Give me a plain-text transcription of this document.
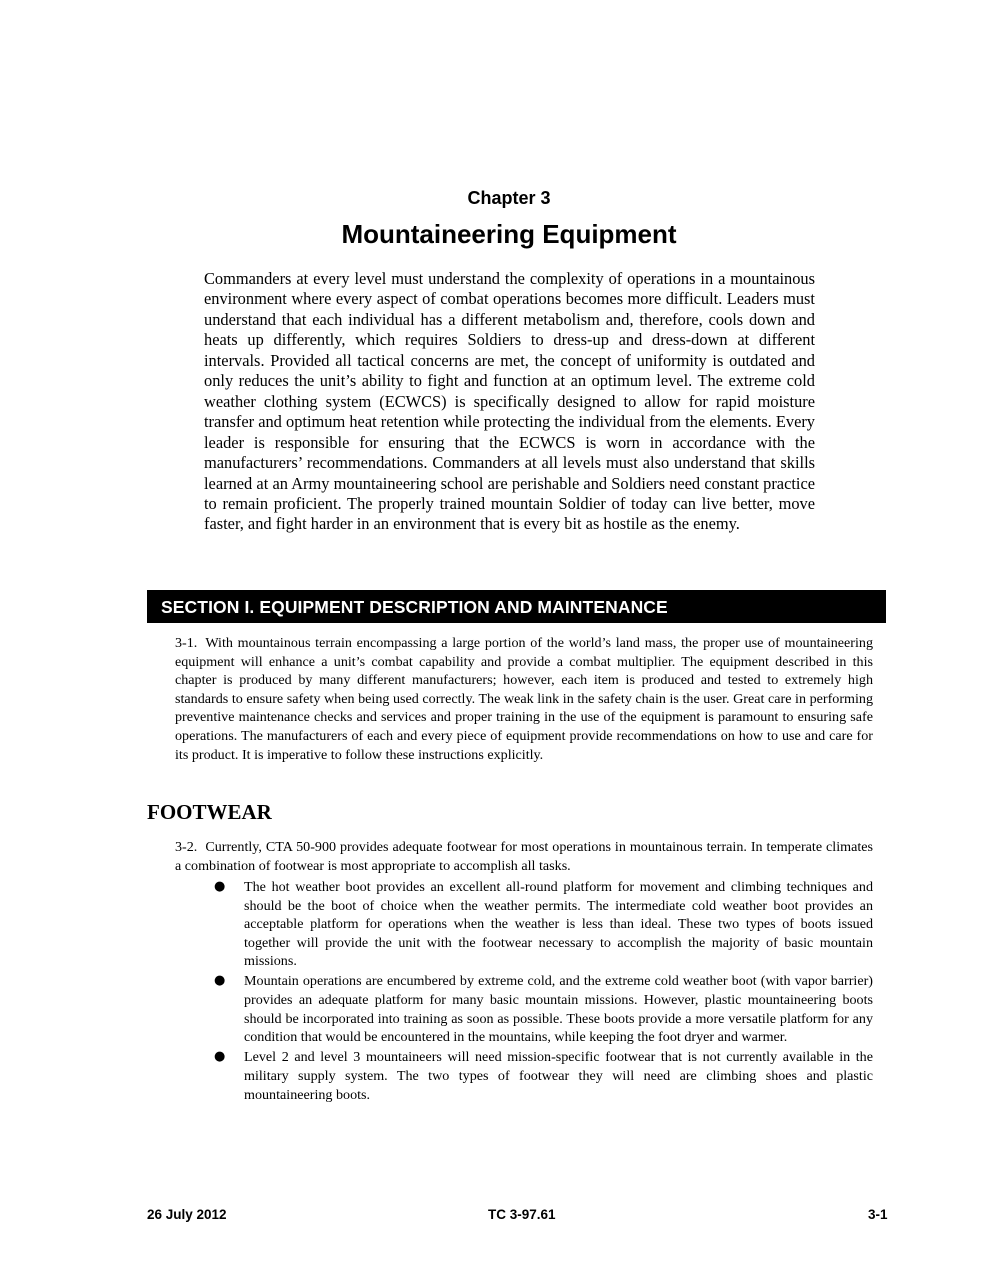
Chapter 3
Mountaineering Equipment

Commanders at every level must understand the complexity of operations in a mountainous environment where every aspect of combat operations becomes more difficult. Leaders must understand that each individual has a different metabolism and, therefore, cools down and heats up differently, which requires Soldiers to dress-up and dress-down at different intervals. Provided all tactical concerns are met, the concept of uniformity is outdated and only reduces the unit’s ability to fight and function at an optimum level. The extreme cold weather clothing system (ECWCS) is specifically designed to allow for rapid moisture transfer and optimum heat retention while protecting the individual from the elements. Every leader is responsible for ensuring that the ECWCS is worn in accordance with the manufacturers’ recommendations. Commanders at all levels must also understand that skills learned at an Army mountaineering school are perishable and Soldiers need constant practice to remain proficient. The properly trained mountain Soldier of today can live better, move faster, and fight harder in an environment that is every bit as hostile as the enemy.

SECTION I. EQUIPMENT DESCRIPTION AND MAINTENANCE

3-1. With mountainous terrain encompassing a large portion of the world’s land mass, the proper use of mountaineering equipment will enhance a unit’s combat capability and provide a combat multiplier. The equipment described in this chapter is produced by many different manufacturers; however, each item is produced and tested to extremely high standards to ensure safety when being used correctly. The weak link in the safety chain is the user. Great care in performing preventive maintenance checks and services and proper training in the use of the equipment is paramount to ensuring safe operations. The manufacturers of each and every piece of equipment provide recommendations on how to use and care for its product. It is imperative to follow these instructions explicitly.

FOOTWEAR

3-2. Currently, CTA 50-900 provides adequate footwear for most operations in mountainous terrain. In temperate climates a combination of footwear is most appropriate to accomplish all tasks.

● The hot weather boot provides an excellent all-round platform for movement and climbing techniques and should be the boot of choice when the weather permits. The intermediate cold weather boot provides an acceptable platform for operations when the weather is less than ideal. These two types of boots issued together will provide the unit with the footwear necessary to accomplish the majority of basic mountain missions.
● Mountain operations are encumbered by extreme cold, and the extreme cold weather boot (with vapor barrier) provides an adequate platform for many basic mountain missions. However, plastic mountaineering boots should be incorporated into training as soon as possible. These boots provide a more versatile platform for any condition that would be encountered in the mountains, while keeping the foot dryer and warmer.
● Level 2 and level 3 mountaineers will need mission-specific footwear that is not currently available in the military supply system. The two types of footwear they will need are climbing shoes and plastic mountaineering boots.
26 July 2012	TC 3-97.61	3-1
